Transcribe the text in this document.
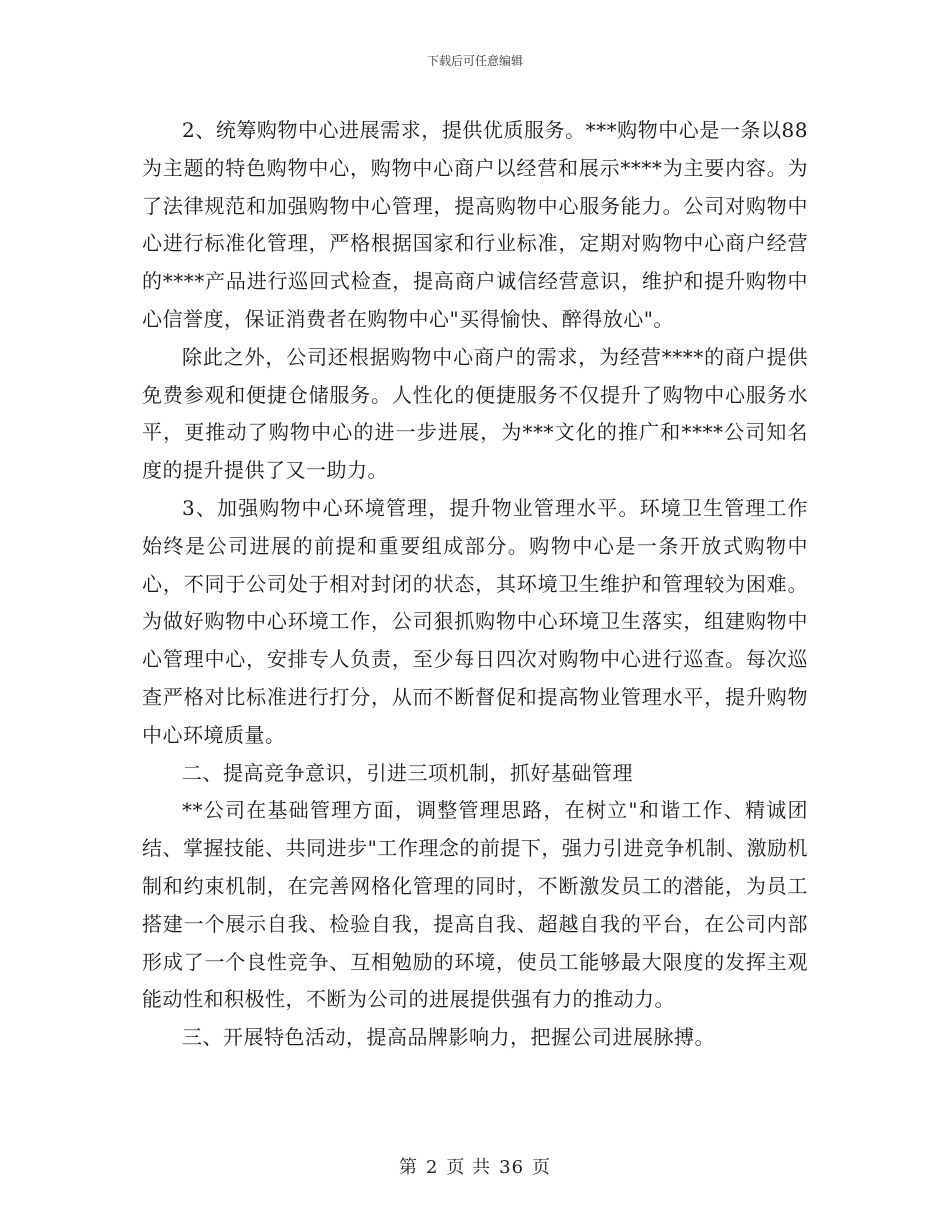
下载后可任意编辑

2、统筹购物中心进展需求，提供优质服务。***购物中心是一条以88为主题的特色购物中心，购物中心商户以经营和展示****为主要内容。为了法律规范和加强购物中心管理，提高购物中心服务能力。公司对购物中心进行标准化管理，严格根据国家和行业标准，定期对购物中心商户经营的****产品进行巡回式检查，提高商户诚信经营意识，维护和提升购物中心信誉度，保证消费者在购物中心"买得愉快、醉得放心"。

除此之外，公司还根据购物中心商户的需求，为经营****的商户提供免费参观和便捷仓储服务。人性化的便捷服务不仅提升了购物中心服务水平，更推动了购物中心的进一步进展，为***文化的推广和****公司知名度的提升提供了又一助力。

3、加强购物中心环境管理，提升物业管理水平。环境卫生管理工作始终是公司进展的前提和重要组成部分。购物中心是一条开放式购物中心，不同于公司处于相对封闭的状态，其环境卫生维护和管理较为困难。为做好购物中心环境工作，公司狠抓购物中心环境卫生落实，组建购物中心管理中心，安排专人负责，至少每日四次对购物中心进行巡查。每次巡查严格对比标准进行打分，从而不断督促和提高物业管理水平，提升购物中心环境质量。

二、提高竞争意识，引进三项机制，抓好基础管理

**公司在基础管理方面，调整管理思路，在树立"和谐工作、精诚团结、掌握技能、共同进步"工作理念的前提下，强力引进竞争机制、激励机制和约束机制，在完善网格化管理的同时，不断激发员工的潜能，为员工搭建一个展示自我、检验自我，提高自我、超越自我的平台，在公司内部形成了一个良性竞争、互相勉励的环境，使员工能够最大限度的发挥主观能动性和积极性，不断为公司的进展提供强有力的推动力。

三、开展特色活动，提高品牌影响力，把握公司进展脉搏。

第 2 页 共 36 页
